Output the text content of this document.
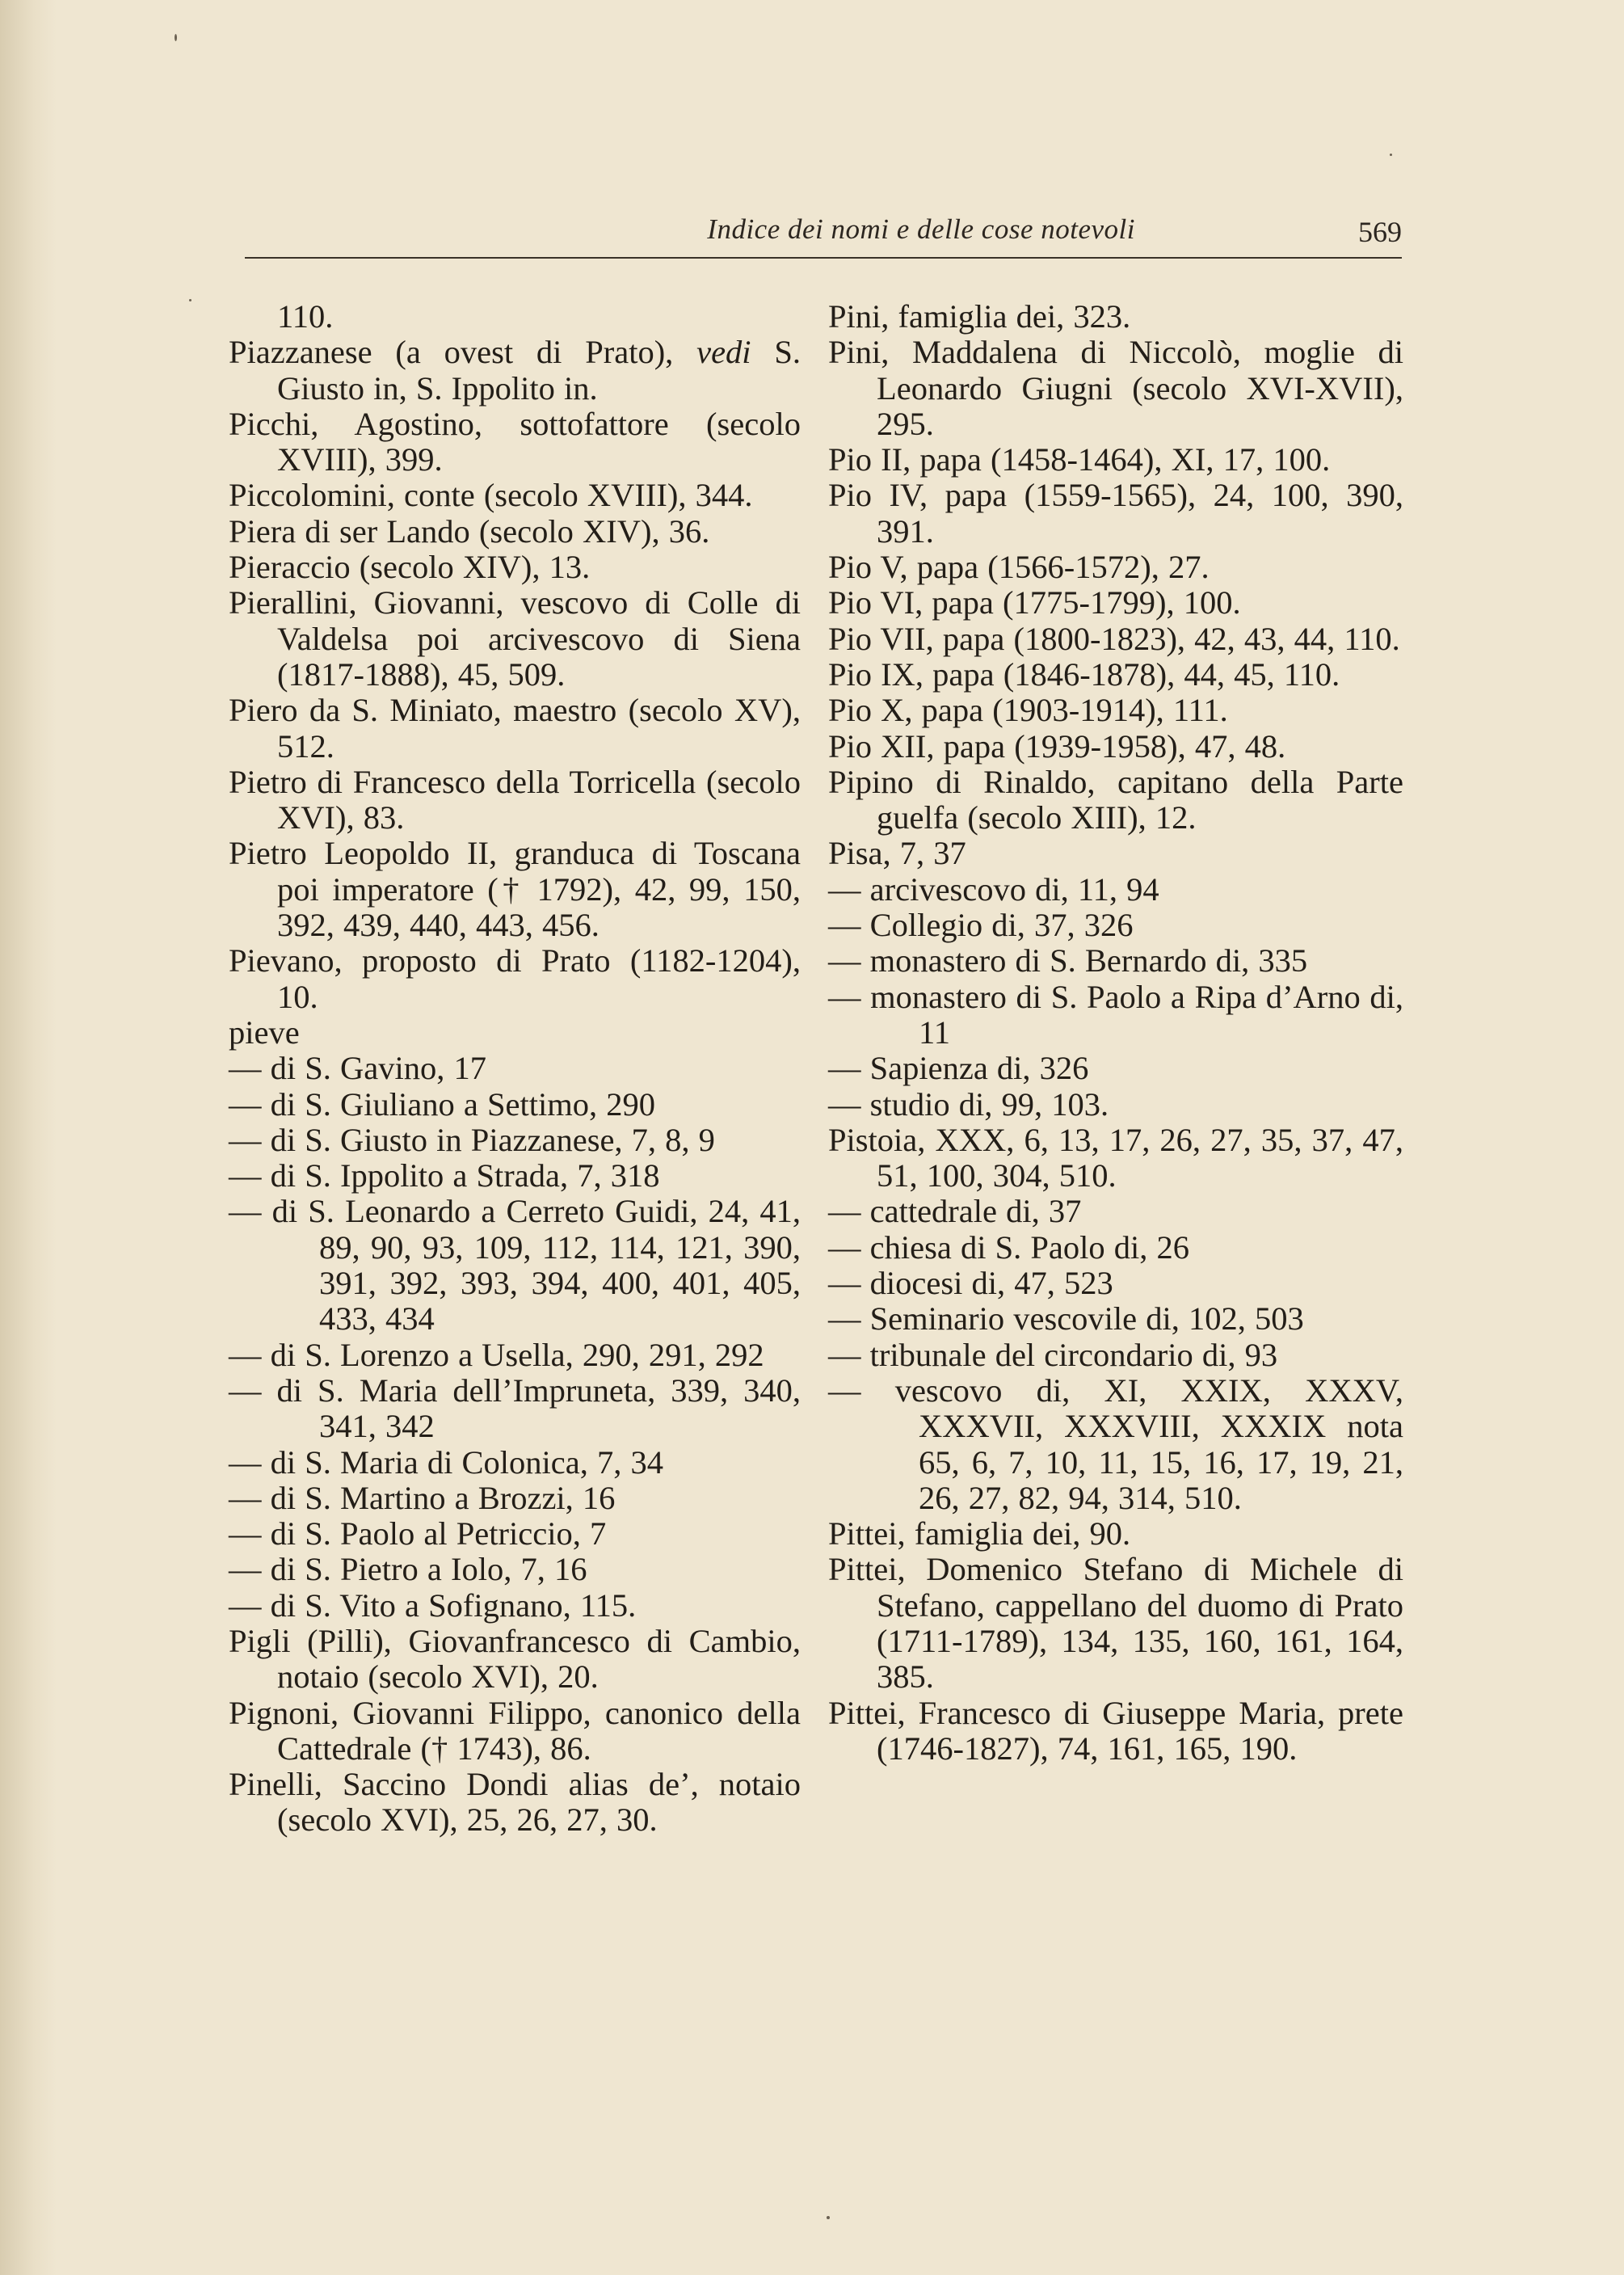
Indice dei nomi e delle cose notevoli	569
110.
Piazzanese (a ovest di Prato), vedi S. Giusto in, S. Ippolito in.
Picchi, Agostino, sottofattore (secolo XVIII), 399.
Piccolomini, conte (secolo XVIII), 344.
Piera di ser Lando (secolo XIV), 36.
Pieraccio (secolo XIV), 13.
Pierallini, Giovanni, vescovo di Colle di Valdelsa poi arcivescovo di Siena (1817-1888), 45, 509.
Piero da S. Miniato, maestro (secolo XV), 512.
Pietro di Francesco della Torricella (secolo XVI), 83.
Pietro Leopoldo II, granduca di Toscana poi imperatore († 1792), 42, 99, 150, 392, 439, 440, 443, 456.
Pievano, proposto di Prato (1182-1204), 10.
pieve
— di S. Gavino, 17
— di S. Giuliano a Settimo, 290
— di S. Giusto in Piazzanese, 7, 8, 9
— di S. Ippolito a Strada, 7, 318
— di S. Leonardo a Cerreto Guidi, 24, 41, 89, 90, 93, 109, 112, 114, 121, 390, 391, 392, 393, 394, 400, 401, 405, 433, 434
— di S. Lorenzo a Usella, 290, 291, 292
— di S. Maria dell’Impruneta, 339, 340, 341, 342
— di S. Maria di Colonica, 7, 34
— di S. Martino a Brozzi, 16
— di S. Paolo al Petriccio, 7
— di S. Pietro a Iolo, 7, 16
— di S. Vito a Sofignano, 115.
Pigli (Pilli), Giovanfrancesco di Cambio, notaio (secolo XVI), 20.
Pignoni, Giovanni Filippo, canonico della Cattedrale († 1743), 86.
Pinelli, Saccino Dondi alias de’, notaio (secolo XVI), 25, 26, 27, 30.
Pini, famiglia dei, 323.
Pini, Maddalena di Niccolò, moglie di Leonardo Giugni (secolo XVI-XVII), 295.
Pio II, papa (1458-1464), XI, 17, 100.
Pio IV, papa (1559-1565), 24, 100, 390, 391.
Pio V, papa (1566-1572), 27.
Pio VI, papa (1775-1799), 100.
Pio VII, papa (1800-1823), 42, 43, 44, 110.
Pio IX, papa (1846-1878), 44, 45, 110.
Pio X, papa (1903-1914), 111.
Pio XII, papa (1939-1958), 47, 48.
Pipino di Rinaldo, capitano della Parte guelfa (secolo XIII), 12.
Pisa, 7, 37
— arcivescovo di, 11, 94
— Collegio di, 37, 326
— monastero di S. Bernardo di, 335
— monastero di S. Paolo a Ripa d’Arno di, 11
— Sapienza di, 326
— studio di, 99, 103.
Pistoia, XXX, 6, 13, 17, 26, 27, 35, 37, 47, 51, 100, 304, 510.
— cattedrale di, 37
— chiesa di S. Paolo di, 26
— diocesi di, 47, 523
— Seminario vescovile di, 102, 503
— tribunale del circondario di, 93
— vescovo di, XI, XXIX, XXXV, XXXVII, XXXVIII, XXXIX nota 65, 6, 7, 10, 11, 15, 16, 17, 19, 21, 26, 27, 82, 94, 314, 510.
Pittei, famiglia dei, 90.
Pittei, Domenico Stefano di Michele di Stefano, cappellano del duomo di Prato (1711-1789), 134, 135, 160, 161, 164, 385.
Pittei, Francesco di Giuseppe Maria, prete (1746-1827), 74, 161, 165, 190.
